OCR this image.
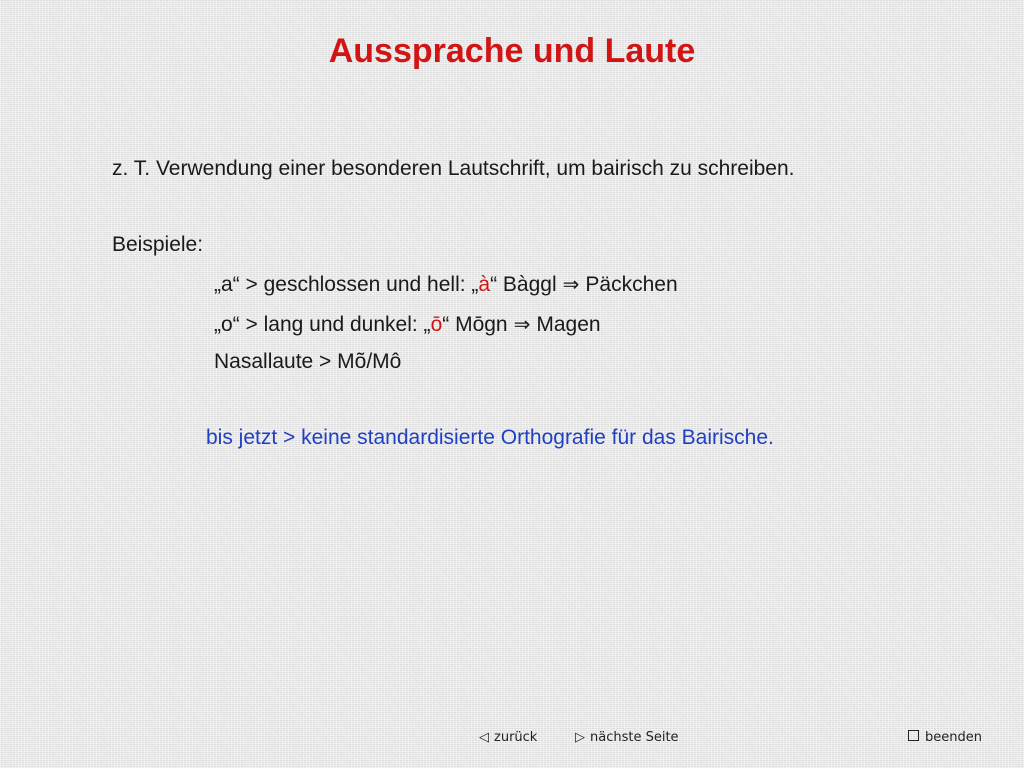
Aussprache und Laute

z. T. Verwendung einer besonderen Lautschrift, um bairisch zu schreiben.

Beispiele:

„a“ > geschlossen und hell: „à“ Bàggl ⇒ Päckchen

„o“ > lang und dunkel: „ō“ Mōgn ⇒ Magen

Nasallaute > Mõ/Mô

bis jetzt > keine standardisierte Orthografie für das Bairische.

◁ zurück	▷ nächste Seite	beenden
